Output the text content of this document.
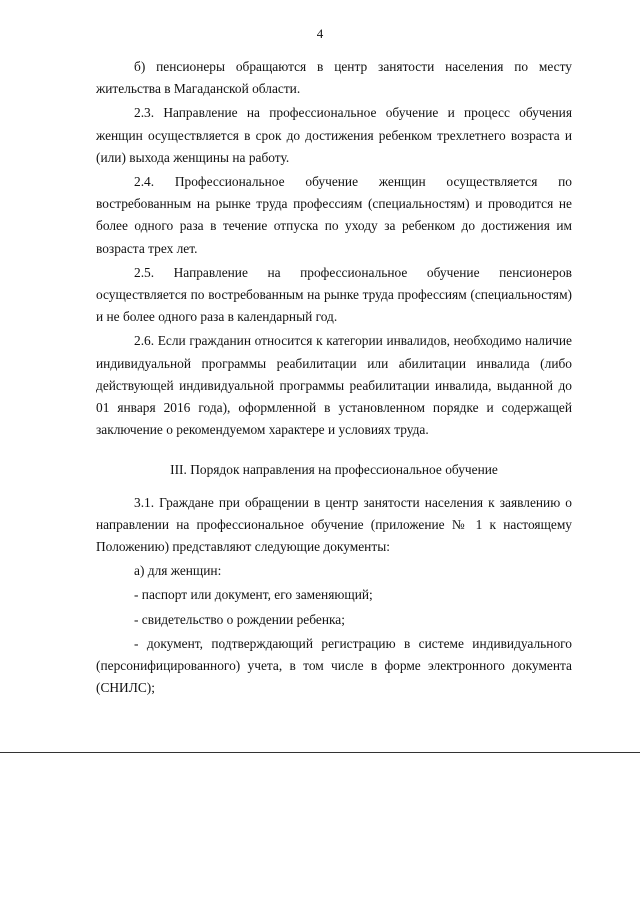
4

б) пенсионеры обращаются в центр занятости населения по месту жительства в Магаданской области.

2.3. Направление на профессиональное обучение и процесс обучения женщин осуществляется в срок до достижения ребенком трехлетнего возраста и (или) выхода женщины на работу.

2.4. Профессиональное обучение женщин осуществляется по востребованным на рынке труда профессиям (специальностям) и проводится не более одного раза в течение отпуска по уходу за ребенком до достижения им возраста трех лет.

2.5. Направление на профессиональное обучение пенсионеров осуществляется по востребованным на рынке труда профессиям (специальностям) и не более одного раза в календарный год.

2.6. Если гражданин относится к категории инвалидов, необходимо наличие индивидуальной программы реабилитации или абилитации инвалида (либо действующей индивидуальной программы реабилитации инвалида, выданной до 01 января 2016 года), оформленной в установленном порядке и содержащей заключение о рекомендуемом характере и условиях труда.

III. Порядок направления на профессиональное обучение

3.1. Граждане при обращении в центр занятости населения к заявлению о направлении на профессиональное обучение (приложение № 1 к настоящему Положению) представляют следующие документы:

а) для женщин:

- паспорт или документ, его заменяющий;

- свидетельство о рождении ребенка;

- документ, подтверждающий регистрацию в системе индивидуального (персонифицированного) учета, в том числе в форме электронного документа (СНИЛС);
